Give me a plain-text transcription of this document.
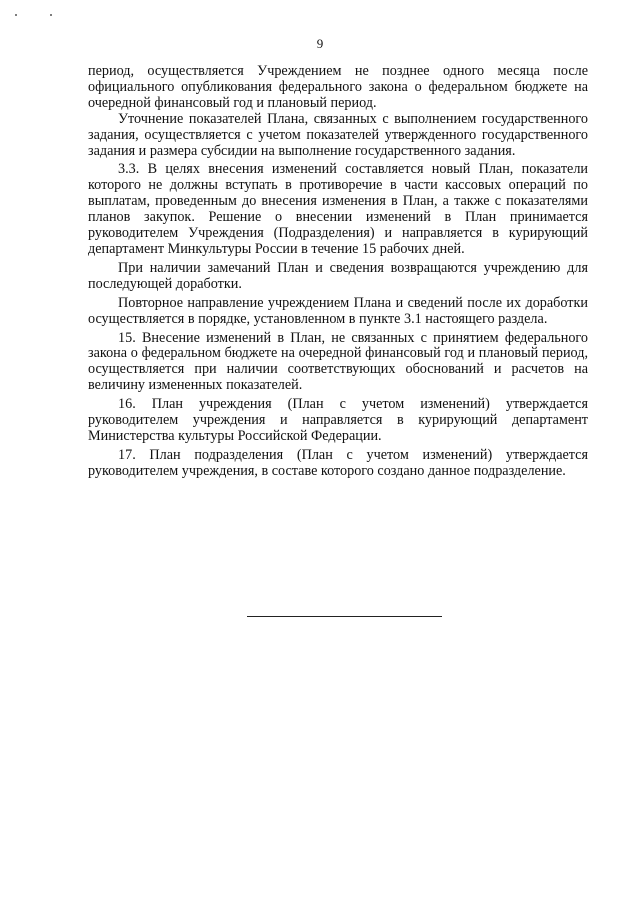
9

период, осуществляется Учреждением не позднее одного месяца после официального опубликования федерального закона о федеральном бюджете на очередной финансовый год и плановый период.

Уточнение показателей Плана, связанных с выполнением государственного задания, осуществляется с учетом показателей утвержденного государственного задания и размера субсидии на выполнение государственного задания.

3.3. В целях внесения изменений составляется новый План, показатели которого не должны вступать в противоречие в части кассовых операций по выплатам, проведенным до внесения изменения в План, а также с показателями планов закупок. Решение о внесении изменений в План принимается руководителем Учреждения (Подразделения) и направляется в курирующий департамент Минкультуры России в течение 15 рабочих дней.

При наличии замечаний План и сведения возвращаются учреждению для последующей доработки.

Повторное направление учреждением Плана и сведений после их доработки осуществляется в порядке, установленном в пункте 3.1 настоящего раздела.

15. Внесение изменений в План, не связанных с принятием федерального закона о федеральном бюджете на очередной финансовый год и плановый период, осуществляется при наличии соответствующих обоснований и расчетов на величину измененных показателей.

16. План учреждения (План с учетом изменений) утверждается руководителем учреждения и направляется в курирующий департамент Министерства культуры Российской Федерации.

17. План подразделения (План с учетом изменений) утверждается руководителем учреждения, в составе которого создано данное подразделение.
